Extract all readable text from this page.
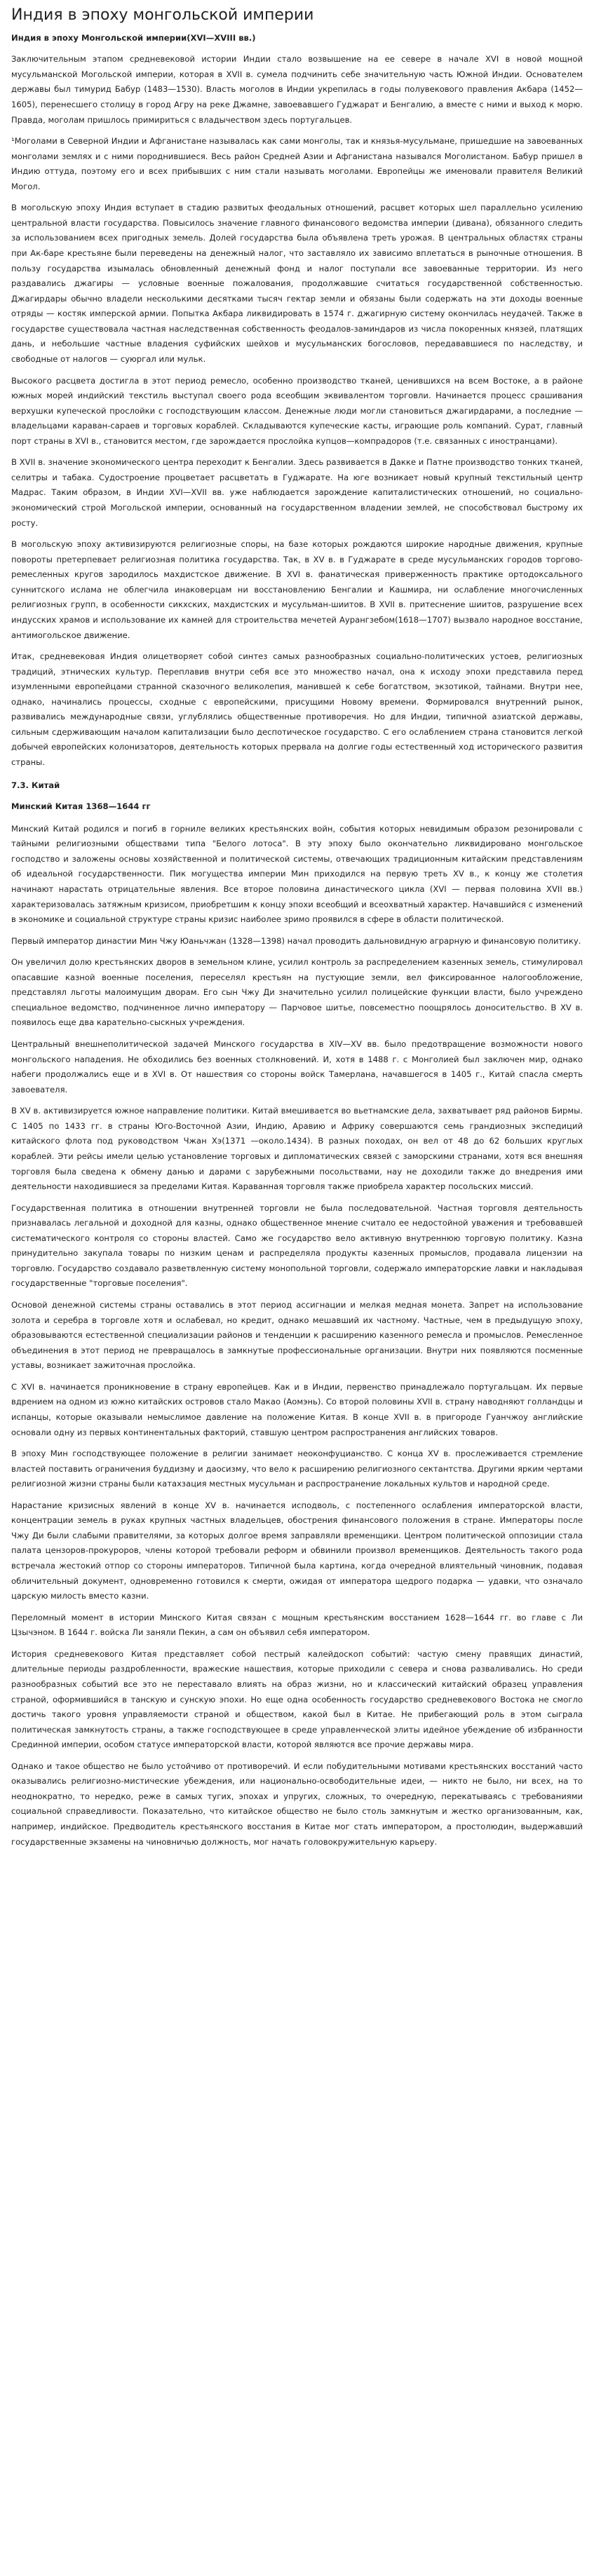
Индия в эпоху монгольской империи
Индия в эпоху Монгольской империи(XVI—XVIII вв.)

Заключительным этапом средневековой истории Индии стало возвышение на ее севере в начале XVI в новой мощной мусульманской Могольской империи, которая в XVII в. сумела подчинить себе значительную часть Южной Индии. Основателем державы был тимурид Бабур (1483—1530). Власть моголов в Индии укрепилась в годы полувекового правления Акбара (1452—1605), перенесшего столицу в город Агру на реке Джамне, завоевавшего Гуджарат и Бенгалию, а вместе с ними и выход к морю. Правда, моголам пришлось примириться с владычеством здесь португальцев.

¹Моголами в Северной Индии и Афганистане называлась как сами монголы, так и князья-мусульмане, пришедшие на завоеванных монголами землях и с ними породнившиеся. Весь район Средней Азии и Афганистана назывался Моголистаном. Бабур пришел в Индию оттуда, поэтому его и всех прибывших с ним стали называть моголами. Европейцы же именовали правителя Великий Могол.

В могольскую эпоху Индия вступает в стадию развитых феодальных отношений, расцвет которых шел параллельно усилению центральной власти государства. Повысилось значение главного финансового ведомства империи (дивана), обязанного следить за использованием всех пригодных земель. Долей государства была объявлена треть урожая. В центральных областях страны при Ак-баре крестьяне были переведены на денежный налог, что заставляло их зависимо вплетаться в рыночные отношения. В пользу государства изымалась обновленный денежный фонд и налог поступали все завоеванные территории. Из него раздавались джагиры — условные военные пожалования, продолжавшие считаться государственной собственностью. Джагирдары обычно владели несколькими десятками тысяч гектар земли и обязаны были содержать на эти доходы военные отряды — костяк имперской армии. Попытка Акбара ликвидировать в 1574 г. джагирную систему окончилась неудачей. Также в государстве существовала частная наследственная собственность феодалов-заминдаров из числа покоренных князей, платящих дань, и небольшие частные владения суфийских шейхов и мусульманских богословов, передававшиеся по наследству, и свободные от налогов — суюргал или мульк.

Высокого расцвета достигла в этот период ремесло, особенно производство тканей, ценившихся на всем Востоке, а в районе южных морей индийский текстиль выступал своего рода всеобщим эквивалентом торговли. Начинается процесс срашивания верхушки купеческой прослойки с господствующим классом. Денежные люди могли становиться джагирдарами, а последние — владельцами караван-сараев и торговых кораблей. Складываются купеческие касты, играющие роль компаний. Сурат, главный порт страны в XVI в., становится местом, где зарождается прослойка купцов—компрадоров (т.е. связанных с иностранцами).

В XVII в. значение экономического центра переходит к Бенгалии. Здесь развивается в Дакке и Патне производство тонких тканей, селитры и табака. Судостроение процветает расцветать в Гуджарате. На юге возникает новый крупный текстильный центр Мадрас. Таким образом, в Индии XVI—XVII вв. уже наблюдается зарождение капиталистических отношений, но социально-экономический строй Могольской империи, основанный на государственном владении землей, не способствовал быстрому их росту.

В могольскую эпоху активизируются религиозные споры, на базе которых рождаются широкие народные движения, крупные повороты претерпевает религиозная политика государства. Так, в XV в. в Гуджарате в среде мусульманских городов торгово-ремесленных кругов зародилось махдистское движение. В XVI в. фанатическая приверженность практике ортодоксального суннитского ислама не облегчила инаковерцам ни восстановлению Бенгалии и Кашмира, ни ослабление многочисленных религиозных групп, в особенности сикхских, махдистских и мусульман-шиитов. В XVII в. притеснение шиитов, разрушение всех индусских храмов и использование их камней для строительства мечетей Аурангзебом(1618—1707) вызвало народное восстание, антимогольское движение.

Итак, средневековая Индия олицетворяет собой синтез самых разнообразных социально-политических устоев, религиозных традиций, этнических культур. Переплавив внутри себя все это множество начал, она к исходу эпохи представила перед изумленными европейцами странной сказочного великолепия, манившей к себе богатством, экзотикой, тайнами. Внутри нее, однако, начинались процессы, сходные с европейскими, присущими Новому времени. Формировался внутренний рынок, развивались международные связи, углублялись общественные противоречия. Но для Индии, типичной азиатской державы, сильным сдерживающим началом капитализации было деспотическое государство. С его ослаблением страна становится легкой добычей европейских колонизаторов, деятельность которых прервала на долгие годы естественный ход исторического развития страны.

7.3. Китай
Минский Китая 1368—1644 гг

Минский Китай родился и погиб в горниле великих крестьянских войн, события которых невидимым образом резонировали с тайными религиозными обществами типа "Белого лотоса". В эту эпоху было окончательно ликвидировано монгольское господство и заложены основы хозяйственной и политической системы, отвечающих традиционным китайским представлениям об идеальной государственности. Пик могущества империи Мин приходился на первую треть XV в., к концу же столетия начинают нарастать отрицательные явления. Все второе половина династического цикла (XVI — первая половина XVII вв.) характеризовалась затяжным кризисом, приобретшим к концу эпохи всеобщий и всеохватный характер. Начавшийся с изменений в экономике и социальной структуре страны кризис наиболее зримо проявился в сфере в области политической.

Первый император династии Мин Чжу Юаньчжан (1328—1398) начал проводить дальновидную аграрную и финансовую политику.

Он увеличил долю крестьянских дворов в земельном клине, усилил контроль за распределением казенных земель, стимулировал опасавшие казной военные поселения, переселял крестьян на пустующие земли, вел фиксированное налогообложение, представлял льготы малоимущим дворам. Его сын Чжу Ди значительно усилил полицейские функции власти, было учреждено специальное ведомство, подчиненное лично императору — Парчовое шитье, повсеместно поощрялось доносительство. В XV в. появилось еще два карательно-сыскных учреждения.

Центральный внешнеполитической задачей Минского государства в XIV—XV вв. было предотвращение возможности нового монгольского нападения. Не обходились без военных столкновений. И, хотя в 1488 г. с Монголией был заключен мир, однако набеги продолжались еще и в XVI в. От нашествия со стороны войск Тамерлана, начавшегося в 1405 г., Китай спасла смерть завоевателя.

В XV в. активизируется южное направление политики. Китай вмешивается во вьетнамские дела, захватывает ряд районов Бирмы. С 1405 по 1433 гг. в страны Юго-Восточной Азии, Индию, Аравию и Африку совершаются семь грандиозных экспедиций китайского флота под руководством Чжан Хэ(1371 —около.1434). В разных походах, он вел от 48 до 62 больших круглых кораблей. Эти рейсы имели целью установление торговых и дипломатических связей с заморскими странами, хотя вся внешняя торговля была сведена к обмену данью и дарами с зарубежными посольствами, нау не доходили также до внедрения ими деятельности находившиеся за пределами Китая. Караванная торговля также приобрела характер посольских миссий.

Государственная политика в отношении внутренней торговли не была последовательной. Частная торговля деятельность признавалась легальной и доходной для казны, однако общественное мнение считало ее недостойной уважения и требовавшей систематического контроля со стороны властей. Само же государство вело активную внутреннюю торговую политику. Казна принудительно закупала товары по низким ценам и распределяла продукты казенных промыслов, продавала лицензии на торговлю. Государство создавало разветвленную систему монопольной торговли, содержало императорские лавки и накладывая государственные "торговые поселения".

Основой денежной системы страны оставались в этот период ассигнации и мелкая медная монета. Запрет на использование золота и серебра в торговле хотя и ослабевал, но кредит, однако мешавший их частному. Частные, чем в предыдущую эпоху, образовываются естественной специализации районов и тенденции к расширению казенного ремесла и промыслов. Ремесленное объединения в этот период не превращалось в замкнутые профессиональные организации. Внутри них появляются посменные уставы, возникает зажиточная прослойка.

С XVI в. начинается проникновение в страну европейцев. Как и в Индии, первенство принадлежало португальцам. Их первые вдрением на одном из южно китайских островов стало Макао (Аомэнь). Со второй половины XVII в. страну наводняют голландцы и испанцы, которые оказывали немыслимое давление на положение Китая. В конце XVII в. в пригороде Гуанчжоу английские основали одну из первых континентальных факторий, ставшую центром распространения английских товаров.

В эпоху Мин господствующее положение в религии занимает неоконфуцианство. С конца XV в. прослеживается стремление властей поставить ограничения буддизму и даосизму, что вело к расширению религиозного сектантства. Другими ярким чертами религиозной жизни страны были катахзация местных мусульман и распространение локальных культов и народной среде.

Нарастание кризисных явлений в конце XV в. начинается исподволь, с постепенного ослабления императорской власти, концентрации земель в руках крупных частных владельцев, обострения финансового положения в стране. Императоры после Чжу Ди были слабыми правителями, за которых долгое время заправляли временщики. Центром политической оппозиции стала палата цензоров-прокуроров, члены которой требовали реформ и обвинили произвол временщиков. Деятельность такого рода встречала жестокий отпор со стороны императоров. Типичной была картина, когда очередной влиятельный чиновник, подавая обличительный документ, одновременно готовился к смерти, ожидая от императора щедрого подарка — удавки, что означало царскую милость вместо казни.

Переломный момент в истории Минского Китая связан с мощным крестьянским восстанием 1628—1644 гг. во главе с Ли Цзычэном. В 1644 г. войска Ли заняли Пекин, а сам он объявил себя императором.

История средневекового Китая представляет собой пестрый калейдоскоп событий: частую смену правящих династий, длительные периоды раздробленности, вражеские нашествия, которые приходили с севера и снова разваливались. Но среди разнообразных событий все это не переставало влиять на образ жизни, но и классический китайский образец управления страной, оформившийся в танскую и сунскую эпохи. Но еще одна особенность государство средневекового Востока не смогло достичь такого уровня управляемости страной и обществом, какой был в Китае. Не прибегающий роль в этом сыграла политическая замкнутость страны, а также господствующее в среде управленческой элиты идейное убеждение об избранности Срединной империи, особом статусе императорской власти, которой являются все прочие державы мира.

Однако и такое общество не было устойчиво от противоречий. И если побудительными мотивами крестьянских восстаний часто оказывались религиозно-мистические убеждения, или национально-освободительные идеи, — никто не было, ни всех, на то неоднократно, то нередко, реже в самых тугих, эпохах и упругих, сложных, то очередную, перекатываясь с требованиями социальной справедливости. Показательно, что китайское общество не было столь замкнутым и жестко организованным, как, например, индийское. Предводитель крестьянского восстания в Китае мог стать императором, а простолюдин, выдержавший государственные экзамены на чиновничью должность, мог начать головокружительную карьеру.
